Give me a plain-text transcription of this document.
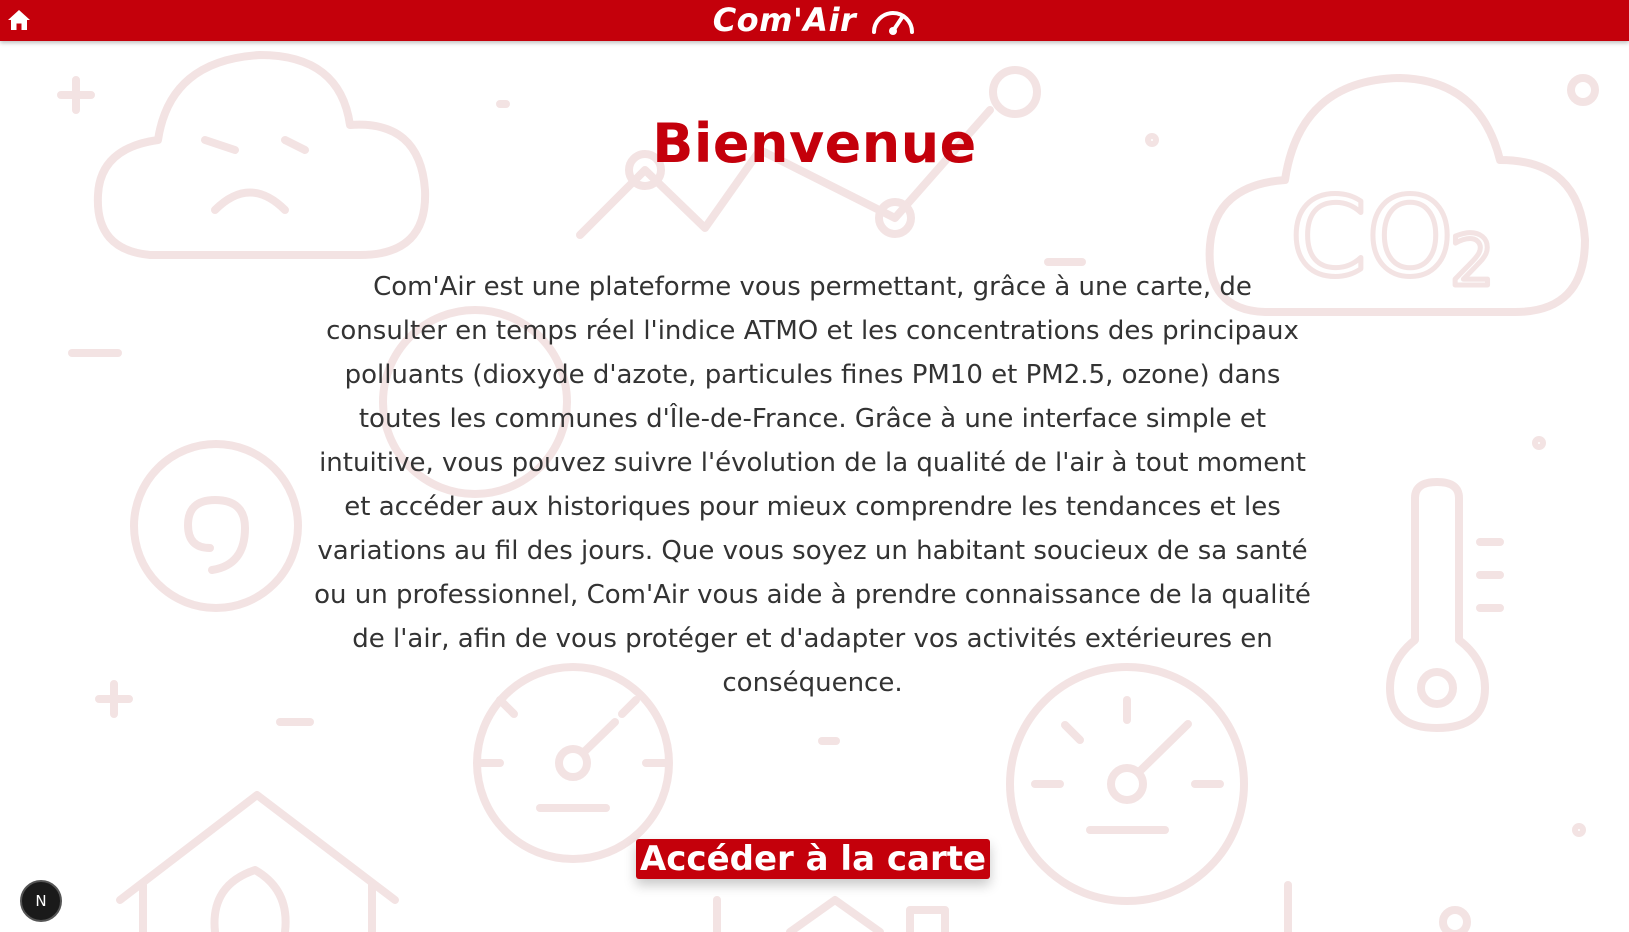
CO
2
Com'Air
Bienvenue

Com'Air est une plateforme vous permettant, grâce à une carte, de consulter en temps réel l'indice ATMO et les concentrations des principaux polluants (dioxyde d'azote, particules fines PM10 et PM2.5, ozone) dans toutes les communes d'Île-de-France. Grâce à une interface simple et intuitive, vous pouvez suivre l'évolution de la qualité de l'air à tout moment et accéder aux historiques pour mieux comprendre les tendances et les variations au fil des jours. Que vous soyez un habitant soucieux de sa santé ou un professionnel, Com'Air vous aide à prendre connaissance de la qualité de l'air, afin de vous protéger et d'adapter vos activités extérieures en conséquence.

Accéder à la carte
N
